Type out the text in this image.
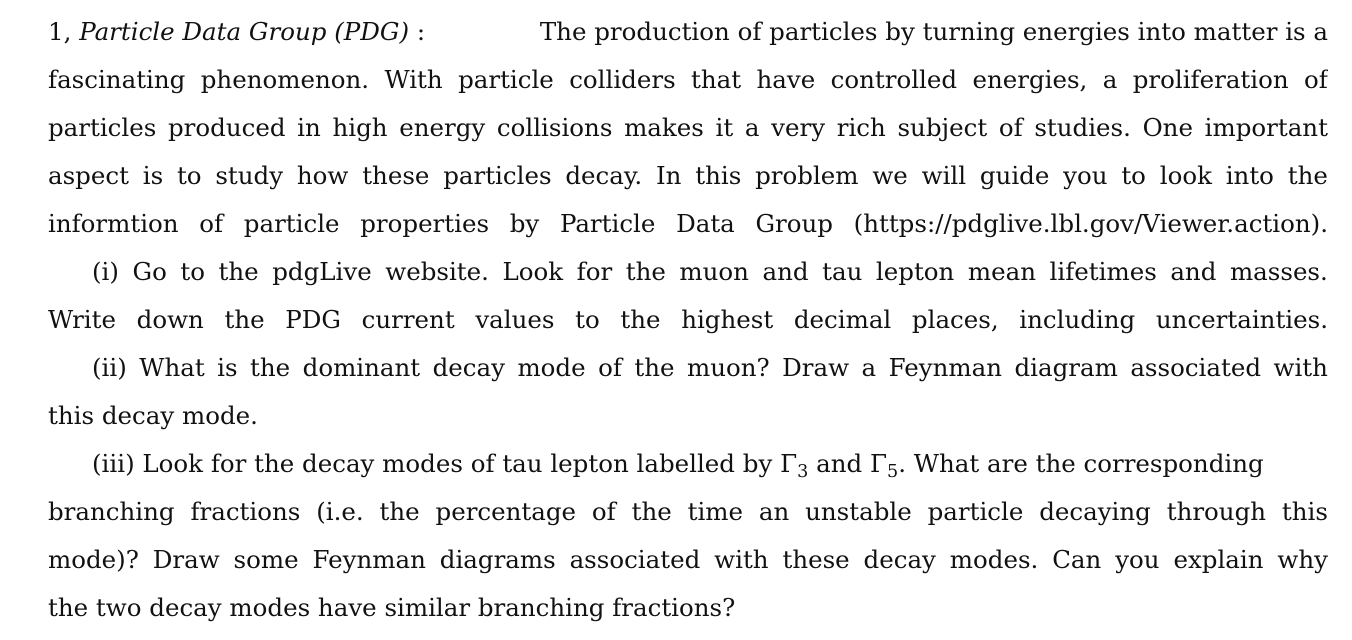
1, Particle Data Group (PDG) :	The production of particles by turning energies into matter is a
fascinating phenomenon. With particle colliders that have controlled energies, a proliferation of
particles produced in high energy collisions makes it a very rich subject of studies. One important
aspect is to study how these particles decay. In this problem we will guide you to look into the
informtion of particle properties by Particle Data Group (https://pdglive.lbl.gov/Viewer.action).
(i) Go to the pdgLive website. Look for the muon and tau lepton mean lifetimes and masses.
Write down the PDG current values to the highest decimal places, including uncertainties.
(ii) What is the dominant decay mode of the muon? Draw a Feynman diagram associated with
this decay mode.
(iii) Look for the decay modes of tau lepton labelled by $\Gamma_3$ and $\Gamma_5$. What are the corresponding
branching fractions (i.e. the percentage of the time an unstable particle decaying through this
mode)? Draw some Feynman diagrams associated with these decay modes. Can you explain why
the two decay modes have similar branching fractions?
